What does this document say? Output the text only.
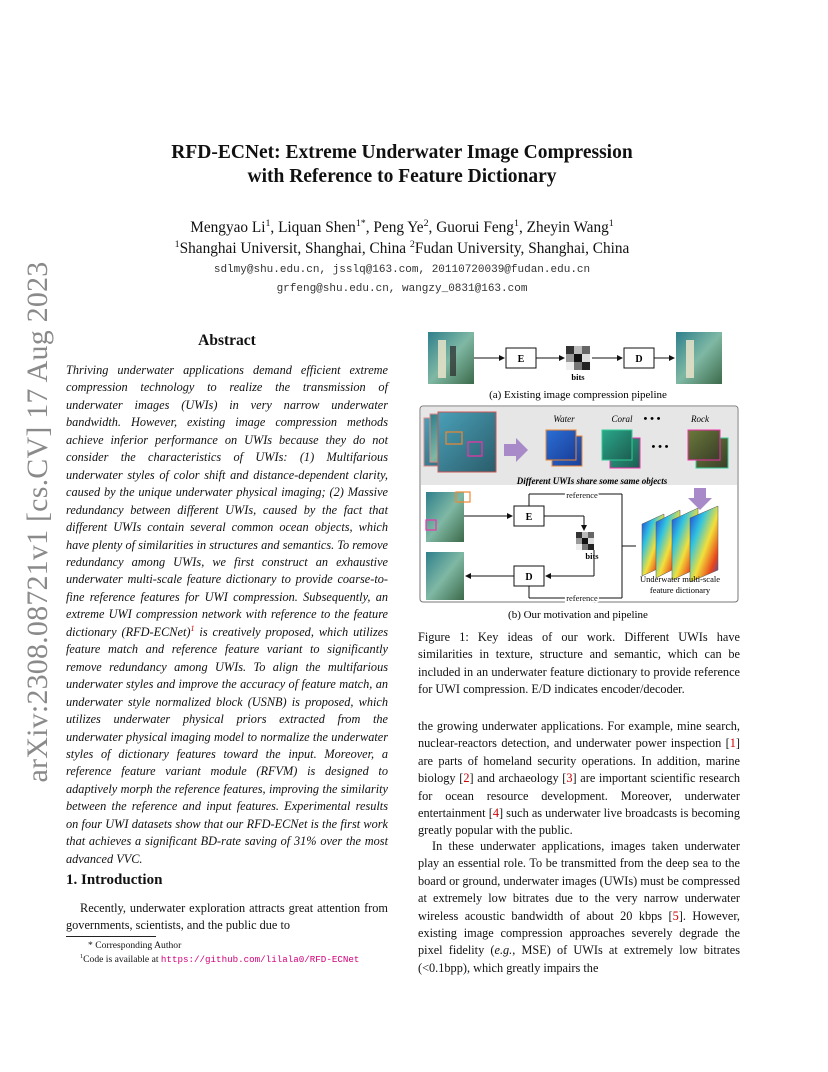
arXiv:2308.08721v1 [cs.CV] 17 Aug 2023
RFD-ECNet: Extreme Underwater Image Compression
with Reference to Feature Dictionary
Mengyao Li$^1$, Liquan Shen$^{1*}$, Peng Ye$^2$, Guorui Feng$^1$, Zheyin Wang$^1$
$^1$Shanghai Universit, Shanghai, China $^2$Fudan University, Shanghai, China
sdlmy@shu.edu.cn, jsslq@163.com, 20110720039@fudan.edu.cn
grfeng@shu.edu.cn, wangzy_0831@163.com
Abstract
Thriving underwater applications demand efficient extreme compression technology to realize the transmission of underwater images (UWIs) in very narrow underwater bandwidth. However, existing image compression methods achieve inferior performance on UWIs because they do not consider the characteristics of UWIs: (1) Multifarious underwater styles of color shift and distance-dependent clarity, caused by the unique underwater physical imaging; (2) Massive redundancy between different UWIs, caused by the fact that different UWIs contain several common ocean objects, which have plenty of similarities in structures and semantics. To remove redundancy among UWIs, we first construct an exhaustive underwater multi-scale feature dictionary to provide coarse-to-fine reference features for UWI compression. Subsequently, an extreme UWI compression network with reference to the feature dictionary (RFD-ECNet)$^1$ is creatively proposed, which utilizes feature match and reference feature variant to significantly remove redundancy among UWIs. To align the multifarious underwater styles and improve the accuracy of feature match, an underwater style normalized block (USNB) is proposed, which utilizes underwater physical priors extracted from the underwater physical imaging model to normalize the underwater styles of dictionary features toward the input. Moreover, a reference feature variant module (RFVM) is designed to adaptively morph the reference features, improving the similarity between the reference and input features. Experimental results on four UWI datasets show that our RFD-ECNet is the first work that achieves a significant BD-rate saving of 31% over the most advanced VVC.
1. Introduction
Recently, underwater exploration attracts great attention from governments, scientists, and the public due to
* Corresponding Author
$^1$Code is available at https://github.com/lilala0/RFD-ECNet
E
bits
D
(a) Existing image compression pipeline
Water	Coral • • •
• • •
Rock
Different UWIs share some same objects
E
reference
bits
D
reference
Underwater multi-scale
feature dictionary
(b) Our motivation and pipeline
Figure 1: Key ideas of our work. Different UWIs have similarities in texture, structure and semantic, which can be included in an underwater feature dictionary to provide reference for UWI compression. E/D indicates encoder/decoder.
the growing underwater applications. For example, mine search, nuclear-reactors detection, and underwater power inspection [1] are parts of homeland security operations. In addition, marine biology [2] and archaeology [3] are important scientific research for ocean resource development. Moreover, underwater entertainment [4] such as underwater live broadcasts is becoming greatly popular with the public.
In these underwater applications, images taken underwater play an essential role. To be transmitted from the deep sea to the board or ground, underwater images (UWIs) must be compressed at extremely low bitrates due to the very narrow underwater wireless acoustic bandwidth of about 20 kbps [5]. However, existing image compression approaches severely degrade the pixel fidelity (e.g., MSE) of UWIs at extremely low bitrates (<0.1bpp), which greatly impairs the
